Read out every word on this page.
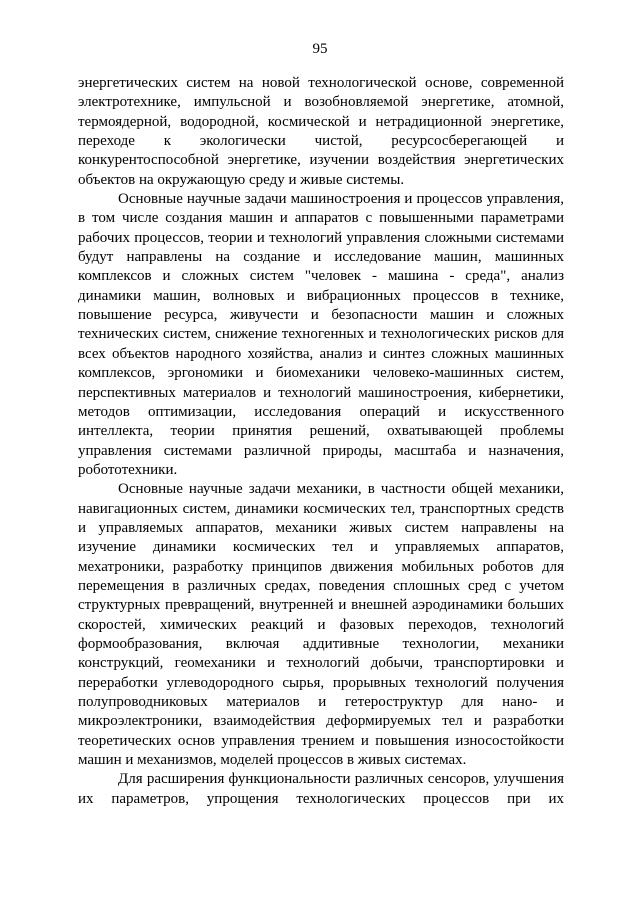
95

энергетических систем на новой технологической основе, современной электротехнике, импульсной и возобновляемой энергетике, атомной, термоядерной, водородной, космической и нетрадиционной энергетике, переходе к экологически чистой, ресурсосберегающей и конкурентоспособной энергетике, изучении воздействия энергетических объектов на окружающую среду и живые системы.

Основные научные задачи машиностроения и процессов управления, в том числе создания машин и аппаратов с повышенными параметрами рабочих процессов, теории и технологий управления сложными системами будут направлены на создание и исследование машин, машинных комплексов и сложных систем "человек - машина - среда", анализ динамики машин, волновых и вибрационных процессов в технике, повышение ресурса, живучести и безопасности машин и сложных технических систем, снижение техногенных и технологических рисков для всех объектов народного хозяйства, анализ и синтез сложных машинных комплексов, эргономики и биомеханики человеко-машинных систем, перспективных материалов и технологий машиностроения, кибернетики, методов оптимизации, исследования операций и искусственного интеллекта, теории принятия решений, охватывающей проблемы управления системами различной природы, масштаба и назначения, робототехники.

Основные научные задачи механики, в частности общей механики, навигационных систем, динамики космических тел, транспортных средств и управляемых аппаратов, механики живых систем направлены на изучение динамики космических тел и управляемых аппаратов, мехатроники, разработку принципов движения мобильных роботов для перемещения в различных средах, поведения сплошных сред с учетом структурных превращений, внутренней и внешней аэродинамики больших скоростей, химических реакций и фазовых переходов, технологий формообразования, включая аддитивные технологии, механики конструкций, геомеханики и технологий добычи, транспортировки и переработки углеводородного сырья, прорывных технологий получения полупроводниковых материалов и гетероструктур для нано- и микроэлектроники, взаимодействия деформируемых тел и разработки теоретических основ управления трением и повышения износостойкости машин и механизмов, моделей процессов в живых системах.

Для расширения функциональности различных сенсоров, улучшения их параметров, упрощения технологических процессов при их
